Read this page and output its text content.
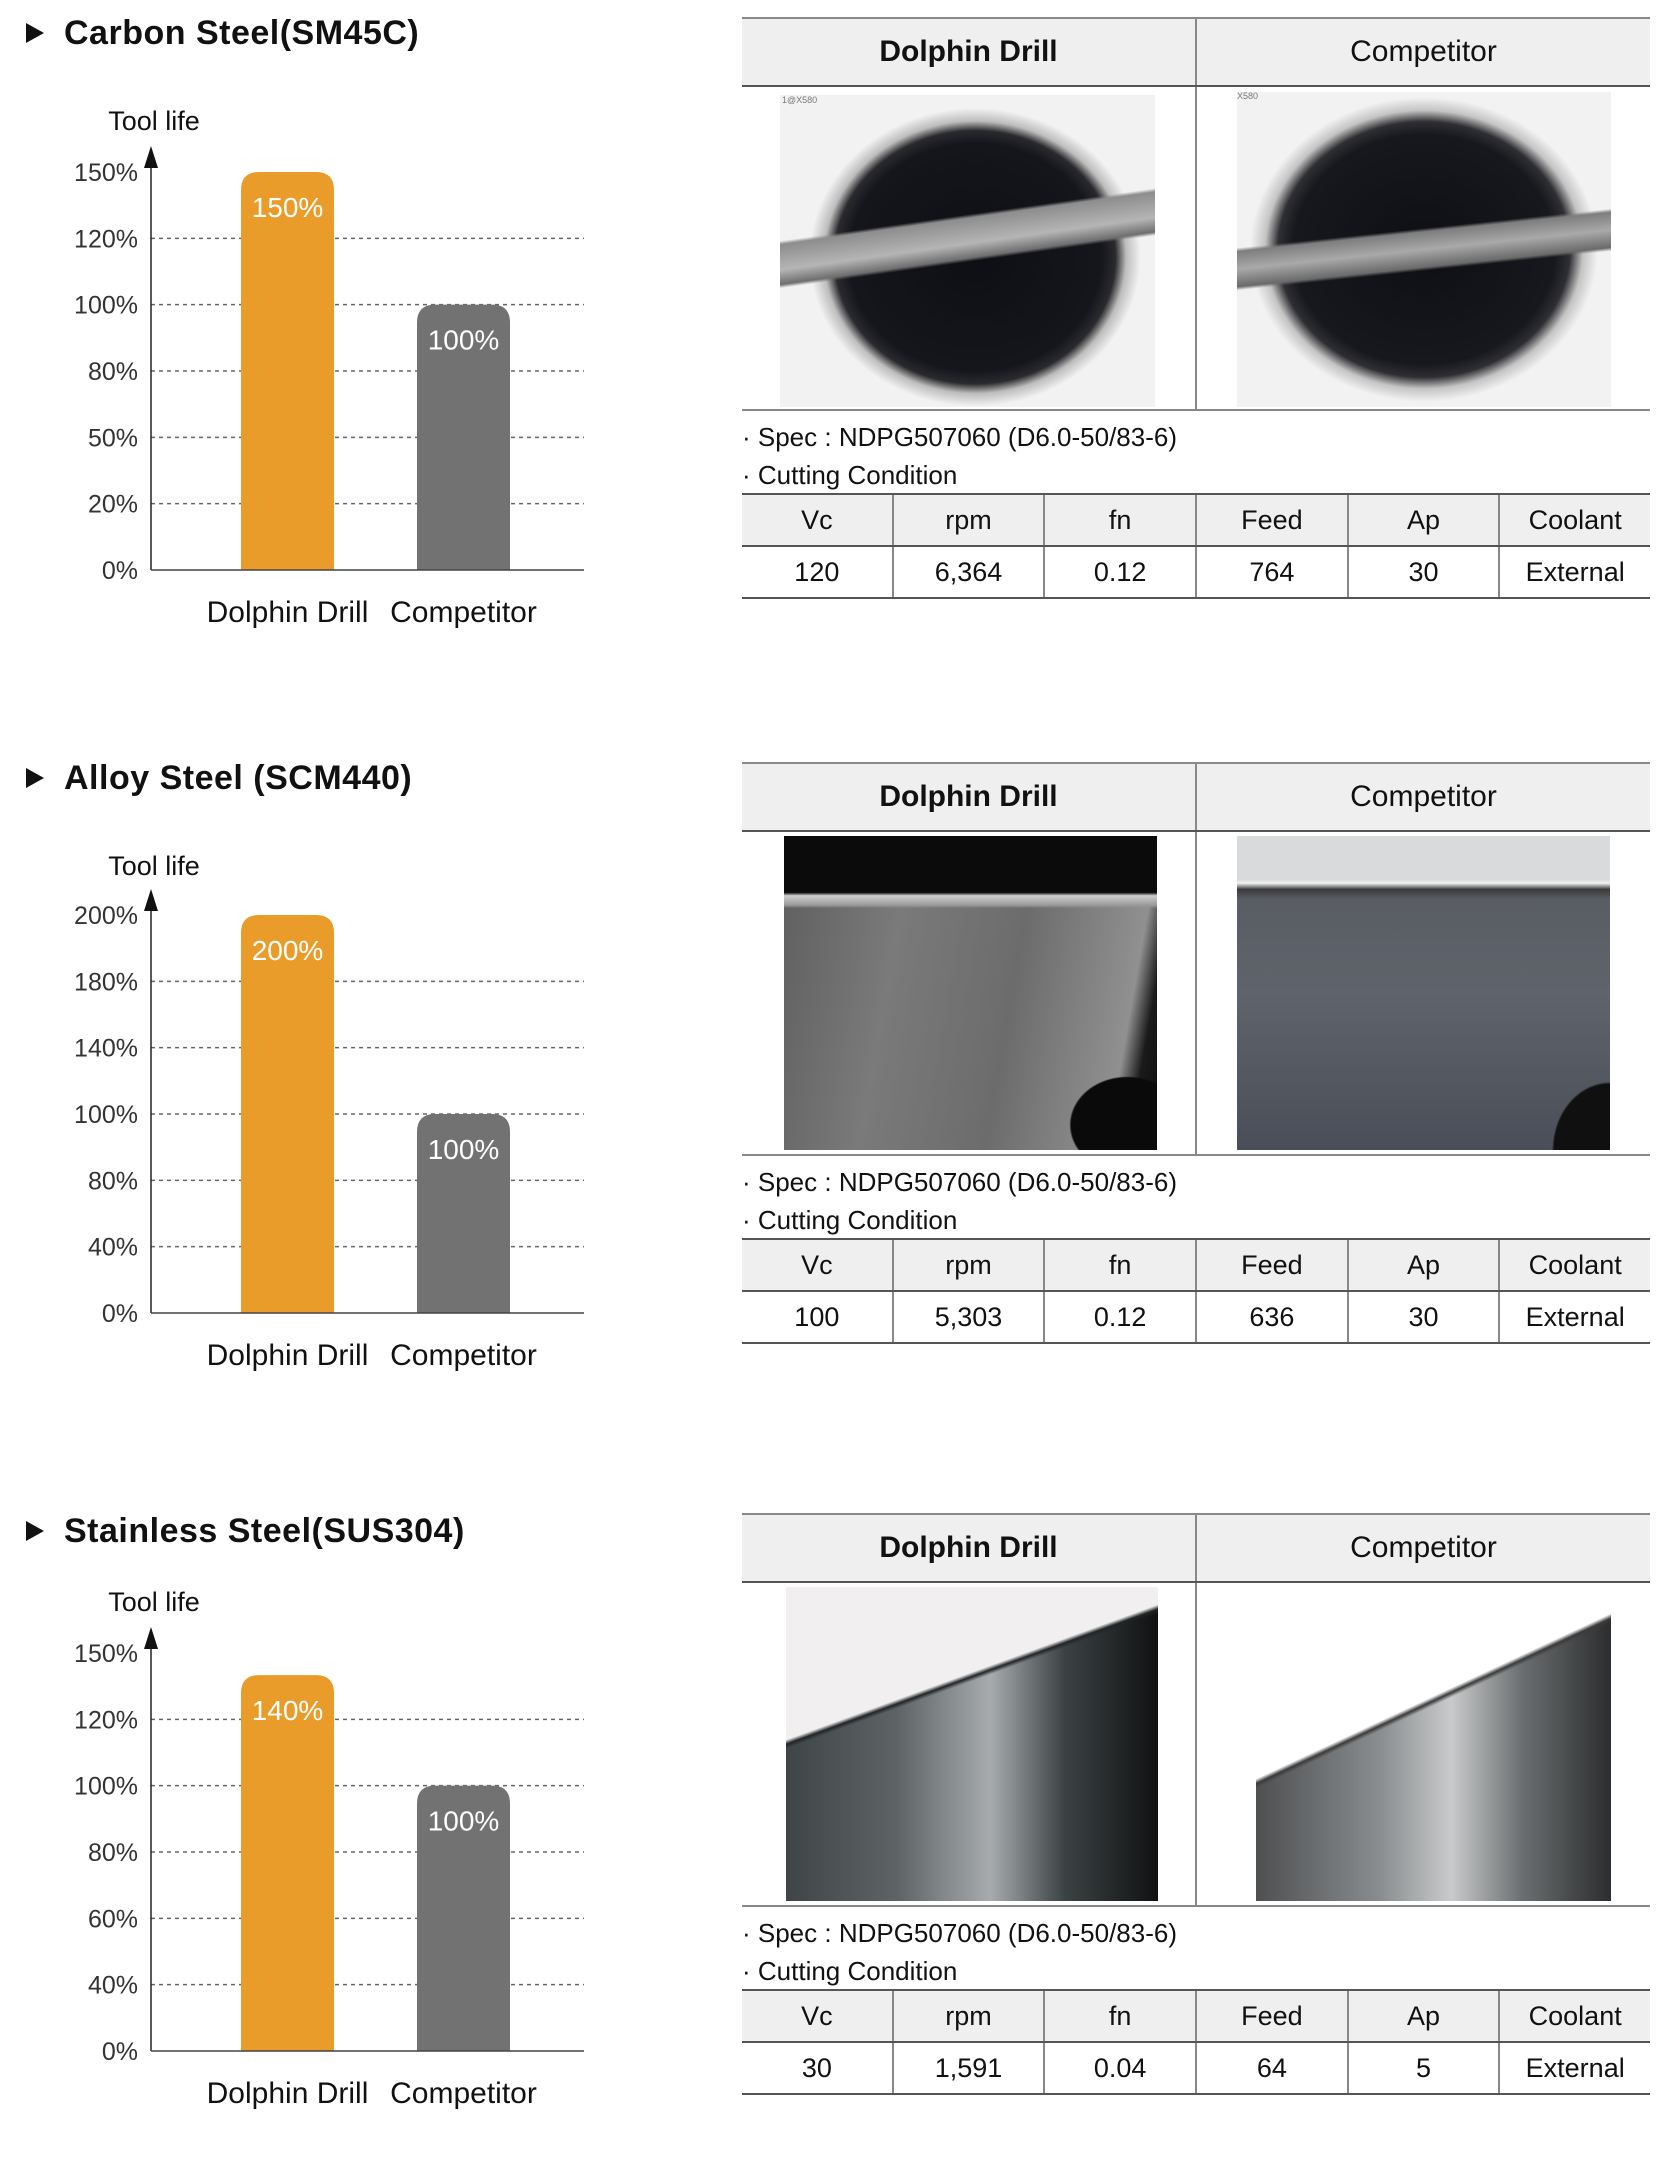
Carbon Steel(SM45C)
0%
20%
50%
80%
100%
120%
150%
150%
Dolphin Drill
100%
Competitor
Tool life
Dolphin Drill	Competitor
1@X580	X580
· Spec : NDPG507060 (D6.0-50/83-6)
· Cutting Condition
Vc	rpm	fn	Feed	Ap	Coolant
120	6,364	0.12	764	30	External
Alloy Steel (SCM440)
0%
40%
80%
100%
140%
180%
200%
200%
Dolphin Drill
100%
Competitor
Tool life
Dolphin Drill	Competitor
· Spec : NDPG507060 (D6.0-50/83-6)
· Cutting Condition
Vc	rpm	fn	Feed	Ap	Coolant
100	5,303	0.12	636	30	External
Stainless Steel(SUS304)
0%
40%
60%
80%
100%
120%
150%
140%
Dolphin Drill
100%
Competitor
Tool life
Dolphin Drill	Competitor
· Spec : NDPG507060 (D6.0-50/83-6)
· Cutting Condition
Vc	rpm	fn	Feed	Ap	Coolant
30	1,591	0.04	64	5	External
